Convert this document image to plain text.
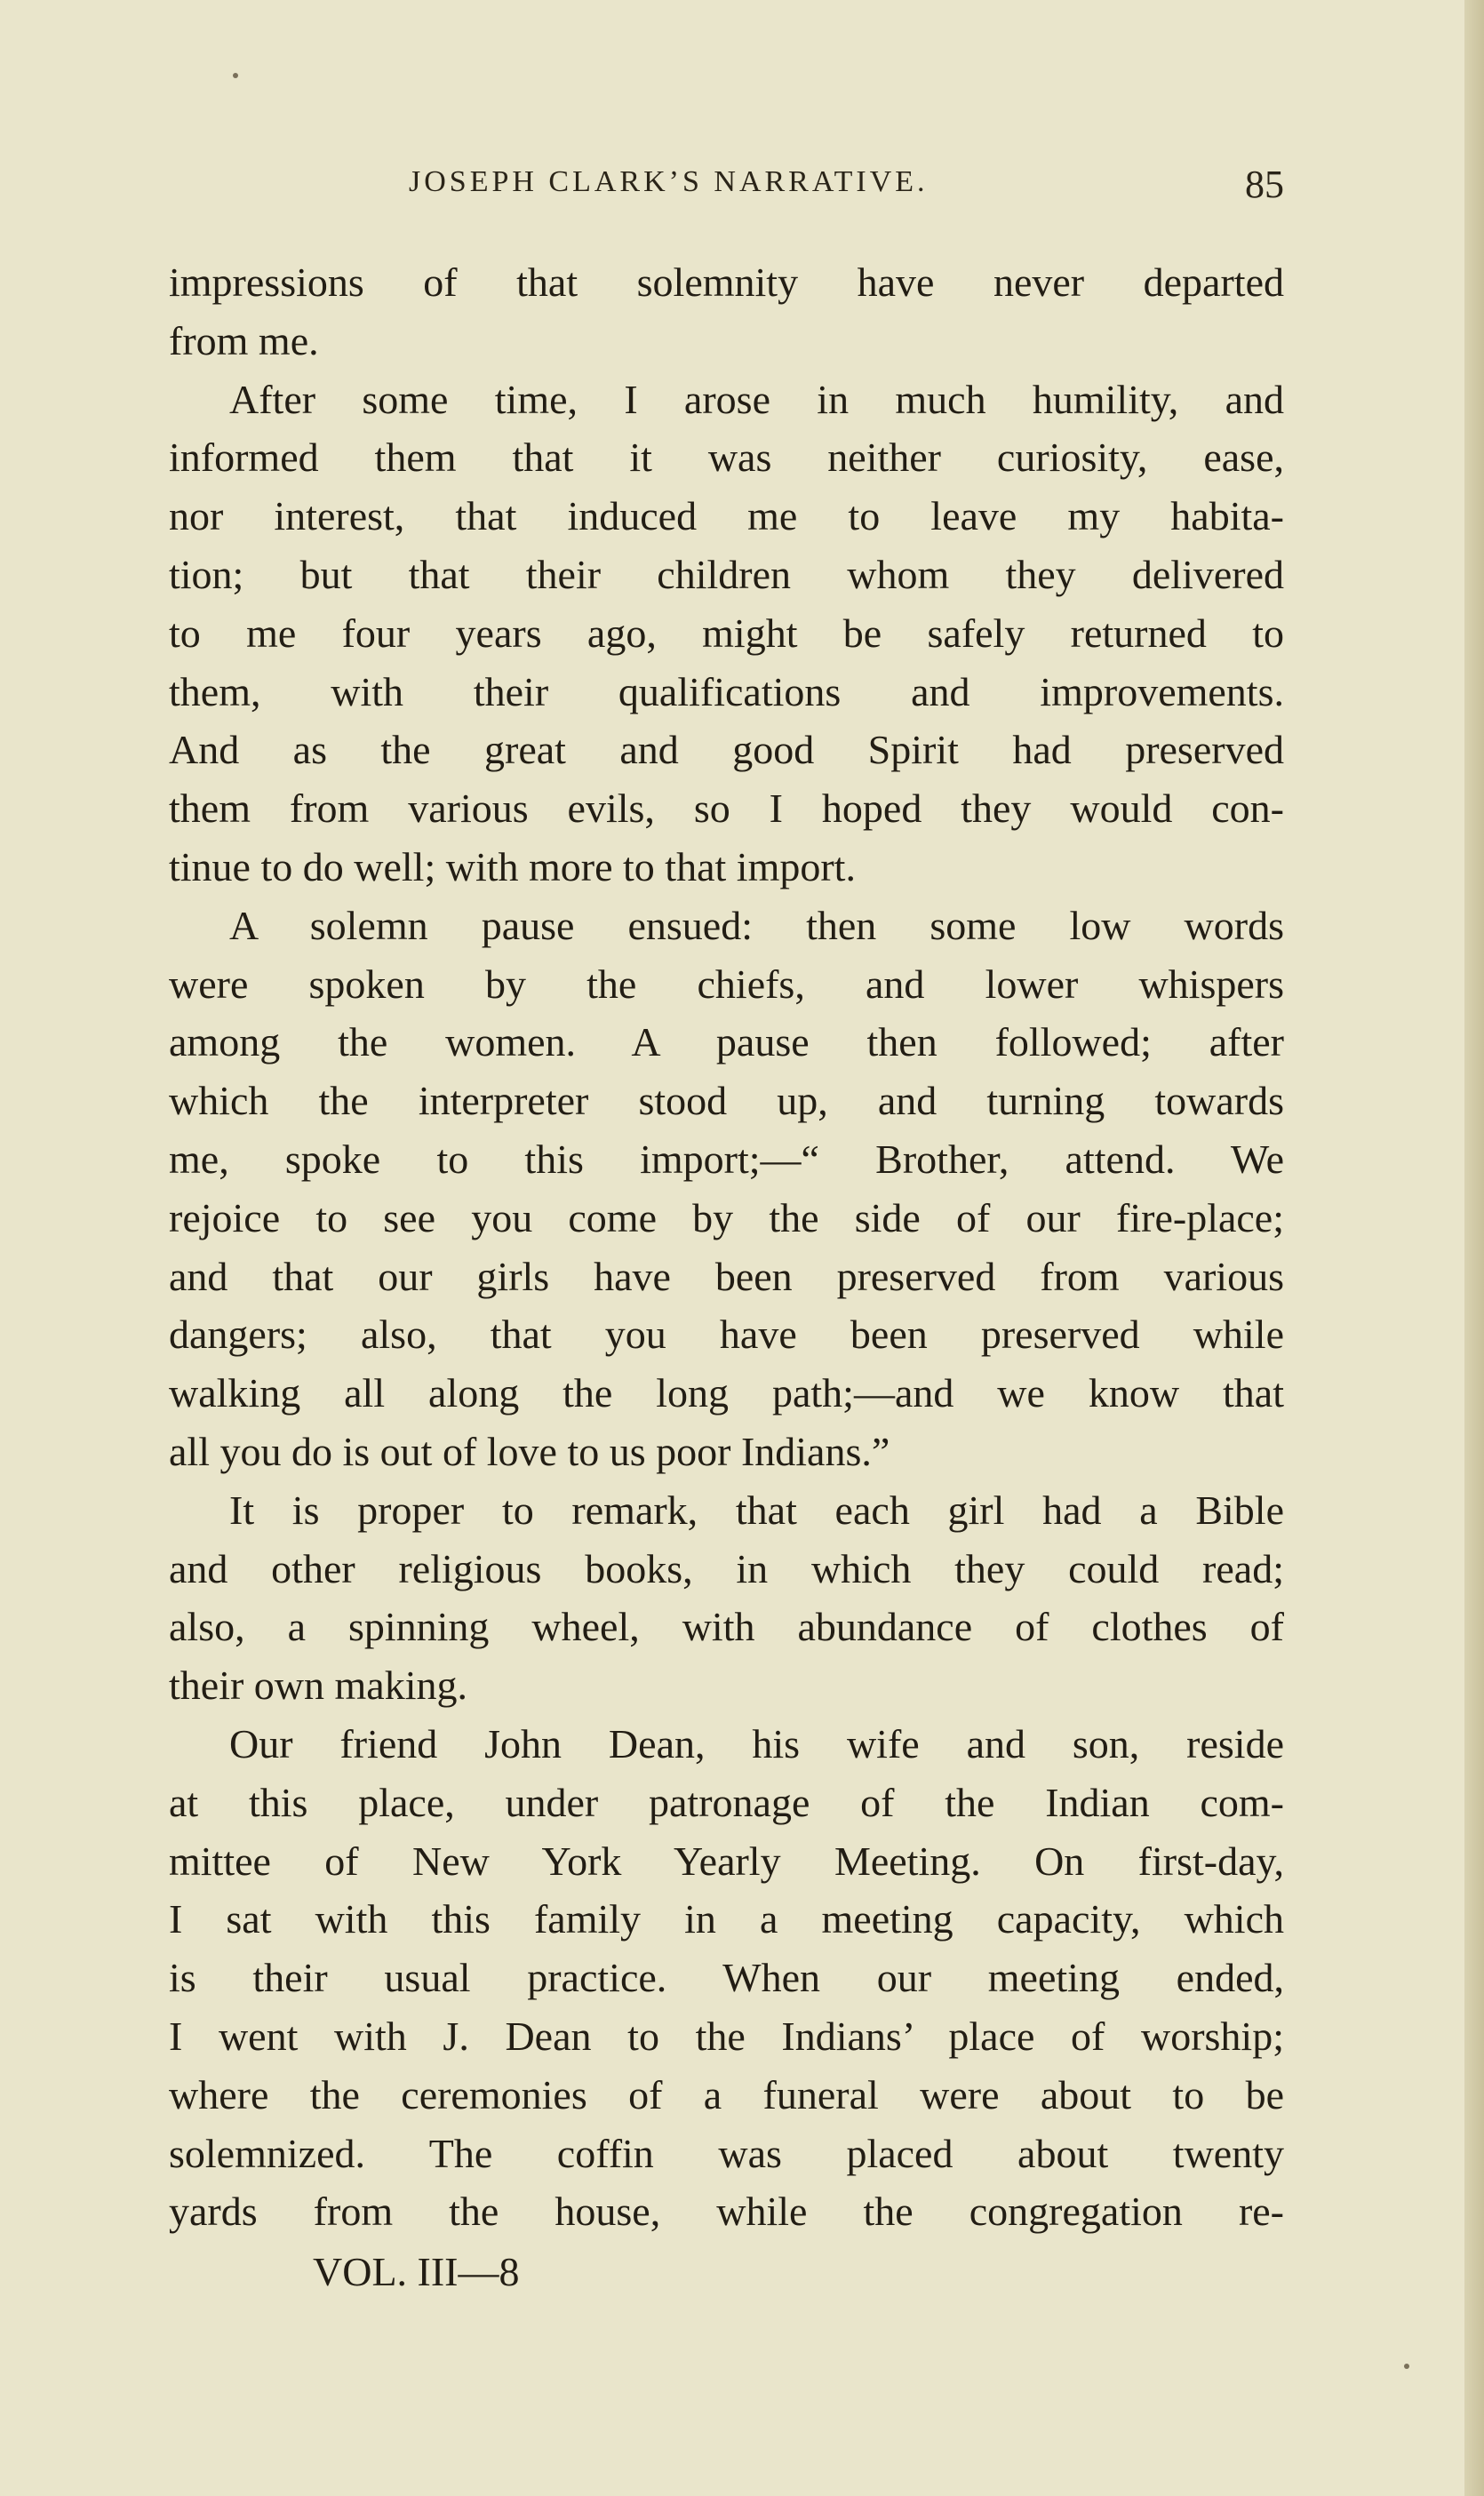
JOSEPH CLARK’S NARRATIVE.	85
impressions of that solemnity have never departed
from me.
After some time, I arose in much humility, and
informed them that it was neither curiosity, ease,
nor interest, that induced me to leave my habita-
tion; but that their children whom they delivered
to me four years ago, might be safely returned to
them, with their qualifications and improvements.
And as the great and good Spirit had preserved
them from various evils, so I hoped they would con-
tinue to do well; with more to that import.
A solemn pause ensued: then some low words
were spoken by the chiefs, and lower whispers
among the women. A pause then followed; after
which the interpreter stood up, and turning towards
me, spoke to this import;—“ Brother, attend. We
rejoice to see you come by the side of our fire-place;
and that our girls have been preserved from various
dangers; also, that you have been preserved while
walking all along the long path;—and we know that
all you do is out of love to us poor Indians.”
It is proper to remark, that each girl had a Bible
and other religious books, in which they could read;
also, a spinning wheel, with abundance of clothes of
their own making.
Our friend John Dean, his wife and son, reside
at this place, under patronage of the Indian com-
mittee of New York Yearly Meeting. On first-day,
I sat with this family in a meeting capacity, which
is their usual practice. When our meeting ended,
I went with J. Dean to the Indians’ place of worship;
where the ceremonies of a funeral were about to be
solemnized. The coffin was placed about twenty
yards from the house, while the congregation re-
VOL. III—8
